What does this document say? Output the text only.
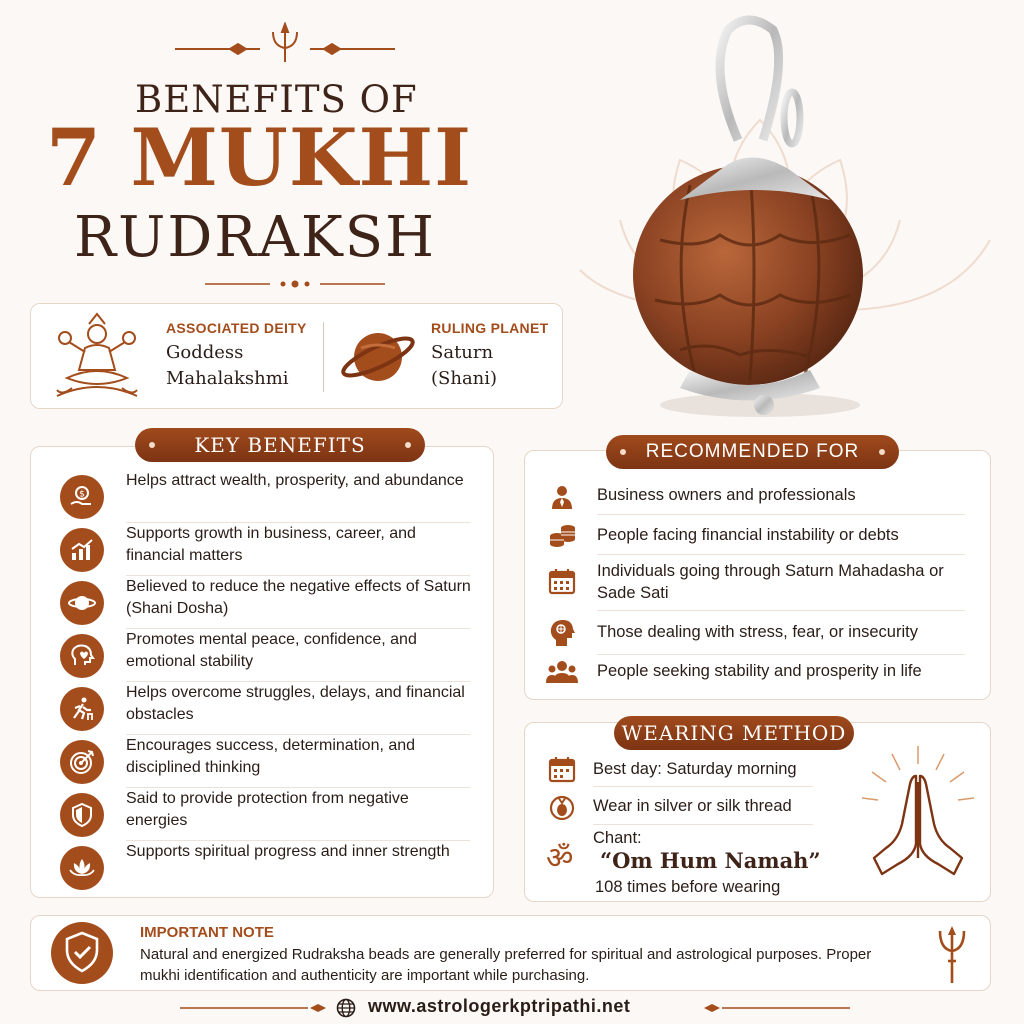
BENEFITS OF
7 MUKHI
RUDRAKSH
ASSOCIATED DEITY
Goddess
Mahalakshmi
RULING PLANET
Saturn
(Shani)
KEY BENEFITS
$
Helps attract wealth, prosperity, and abundance
Supports growth in business, career, and financial matters
Believed to reduce the negative effects of Saturn (Shani Dosha)
Promotes mental peace, confidence, and emotional stability
Helps overcome struggles, delays, and financial obstacles
Encourages success, determination, and disciplined thinking
Said to provide protection from negative energies
Supports spiritual progress and inner strength
RECOMMENDED FOR
Business owners and professionals
People facing financial instability or debts
Individuals going through Saturn Mahadasha or Sade Sati
Those dealing with stress, fear, or insecurity
People seeking stability and prosperity in life
WEARING METHOD
Best day: Saturday morning
Wear in silver or silk thread
ॐ
Chant:
“Om Hum Namah”
108 times before wearing
IMPORTANT NOTE
Natural and energized Rudraksha beads are generally preferred for spiritual and astrological purposes. Proper mukhi identification and authenticity are important while purchasing.
www.astrologerkptripathi.net
